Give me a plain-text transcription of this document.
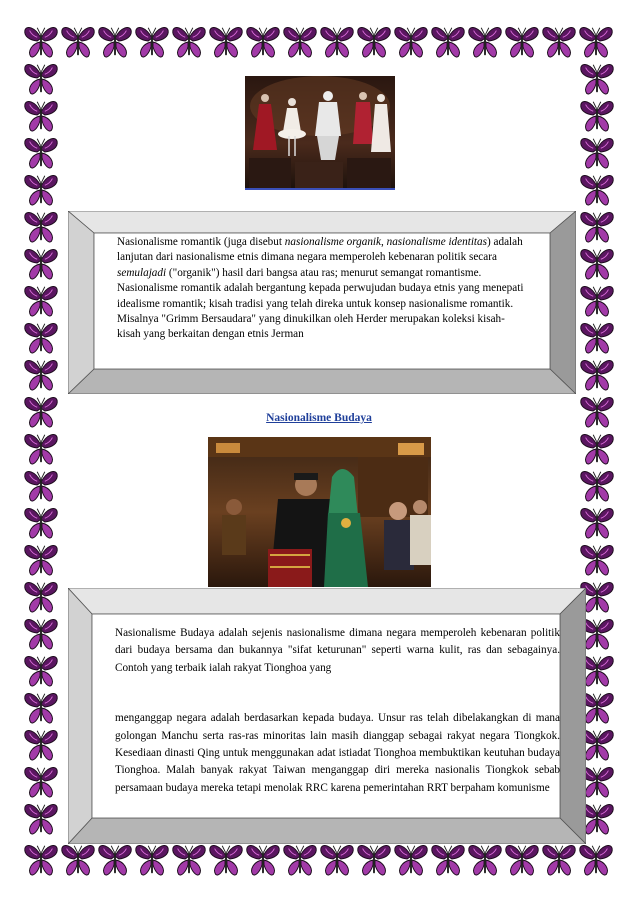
Nasionalisme romantik (juga disebut nasionalisme organik, nasionalisme identitas) adalah lanjutan dari nasionalisme etnis dimana negara memperoleh kebenaran politik secara semulajadi ("organik") hasil dari bangsa atau ras; menurut semangat romantisme. Nasionalisme romantik adalah bergantung kepada perwujudan budaya etnis yang menepati idealisme romantik; kisah tradisi yang telah direka untuk konsep nasionalisme romantik. Misalnya "Grimm Bersaudara" yang dinukilkan oleh Herder merupakan koleksi kisah-kisah yang berkaitan dengan etnis Jerman
Nasionalisme Budaya

Nasionalisme Budaya adalah sejenis nasionalisme dimana negara memperoleh kebenaran politik dari budaya bersama dan bukannya "sifat keturunan" seperti warna kulit, ras dan sebagainya. Contoh yang terbaik ialah rakyat Tionghoa yang

menganggap negara adalah berdasarkan kepada budaya. Unsur ras telah dibelakangkan di mana golongan Manchu serta ras-ras minoritas lain masih dianggap sebagai rakyat negara Tiongkok. Kesediaan dinasti Qing untuk menggunakan adat istiadat Tionghoa membuktikan keutuhan budaya Tionghoa. Malah banyak rakyat Taiwan menganggap diri mereka nasionalis Tiongkok sebab persamaan budaya mereka tetapi menolak RRC karena pemerintahan RRT berpaham komunisme
